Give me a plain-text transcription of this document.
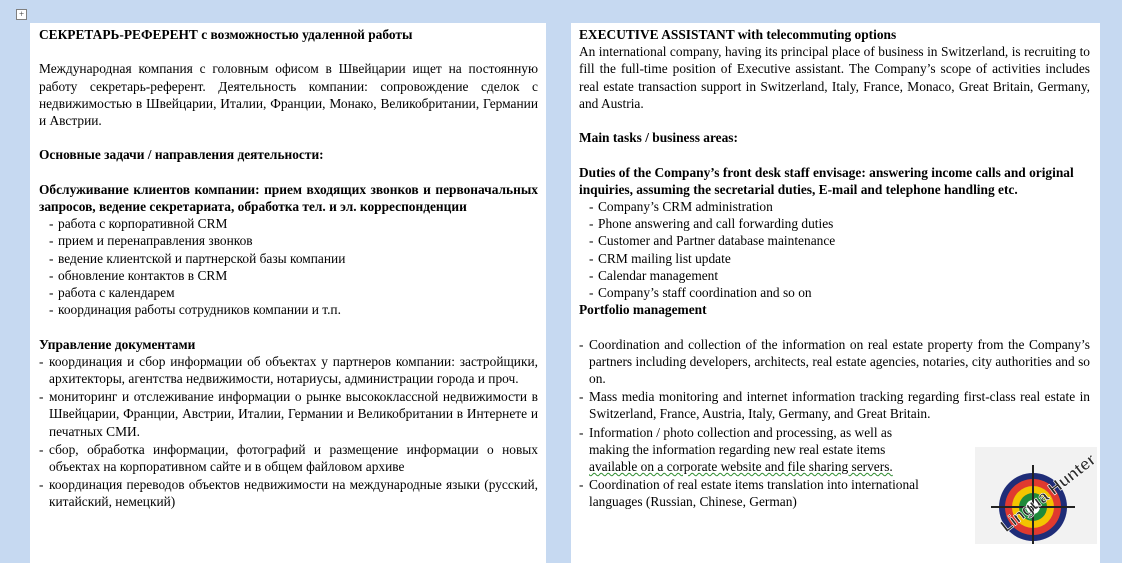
+

СЕКРЕТАРЬ-РЕФЕРЕНТ с возможностью удаленной работы

Международная компания с головным офисом в Швейцарии ищет на постоянную работу секретарь-референт. Деятельность компании: сопровождение сделок с недвижимостью в Швейцарии, Италии, Франции, Монако, Великобритании, Германии и Австрии.

Основные задачи / направления деятельности:

Обслуживание клиентов компании: прием входящих звонков и первоначальных запросов, ведение секретариата, обработка тел. и эл. корреспонденции

- работа с корпоративной CRM
- прием и перенаправления звонков
- ведение клиентской и партнерской базы компании
- обновление контактов в CRM
- работа с календарем
- координация работы сотрудников компании и т.п.

Управление документами

- координация и сбор информации об объектах у партнеров компании: застройщики, архитекторы, агентства недвижимости, нотариусы, администрации города и проч.
- мониторинг и отслеживание информации о рынке высококлассной недвижимости в Швейцарии, Франции, Австрии, Италии, Германии и Великобритании в Интернете и печатных СМИ.
- сбор, обработка информации, фотографий и размещение информации о новых объектах на корпоративном сайте и в общем файловом архиве
- координация переводов объектов недвижимости на международные языки (русский, китайский, немецкий)

EXECUTIVE ASSISTANT with telecommuting options

An international company, having its principal place of business in Switzerland, is recruiting to fill the full-time position of Executive assistant. The Company’s scope of activities includes real estate transaction support in Switzerland, Italy, France, Monaco, Great Britain, Germany, and Austria.

Main tasks / business areas:

Duties of the Company’s front desk staff envisage: answering income calls and original inquiries, assuming the secretarial duties, E-mail and telephone handling etc.

- Company’s CRM administration
- Phone answering and call forwarding duties
- Customer and Partner database maintenance
- CRM mailing list update
- Calendar management
- Company’s staff coordination and so on

Portfolio management

- Coordination and collection of the information on real estate property from the Company’s partners including developers, architects, real estate agencies, notaries, city authorities and so on.
- Mass media monitoring and internet information tracking regarding first-class real estate in Switzerland, France, Austria, Italy, Germany, and Great Britain.
- Information / photo collection and processing, as well as
making the information regarding new real estate items
available on a corporate website and file sharing servers.
- Coordination of real estate items translation into international
languages (Russian, Chinese, German)	Lingua Hunter
